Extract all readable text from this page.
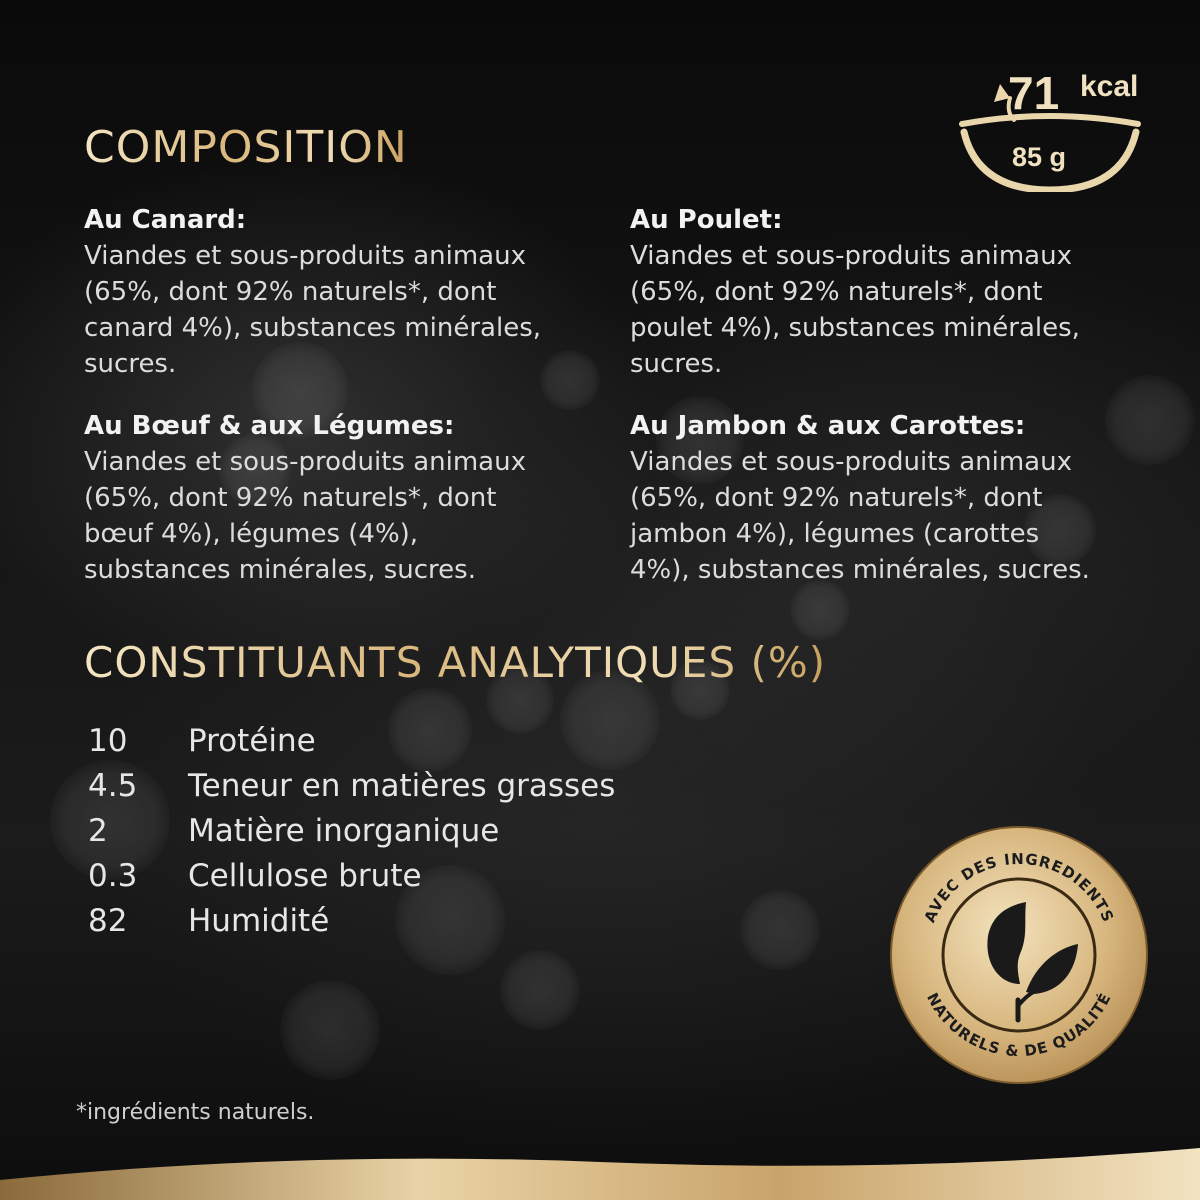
71 kcal
85 g
COMPOSITION
Au Canard:
Viandes et sous-produits animaux
(65%, dont 92% naturels*, dont
canard 4%), substances minérales,
sucres.
Au Poulet:
Viandes et sous-produits animaux
(65%, dont 92% naturels*, dont
poulet 4%), substances minérales,
sucres.
Au Bœuf & aux Légumes:
Viandes et sous-produits animaux
(65%, dont 92% naturels*, dont
bœuf 4%), légumes (4%),
substances minérales, sucres.
Au Jambon & aux Carottes:
Viandes et sous-produits animaux
(65%, dont 92% naturels*, dont
jambon 4%), légumes (carottes
4%), substances minérales, sucres.
CONSTITUANTS ANALYTIQUES (%)
10	Protéine
4.5	Teneur en matières grasses
2	Matière inorganique
0.3	Cellulose brute
82	Humidité	AVEC DES INGREDIENTS
NATURELS & DE QUALITÉ
*ingrédients naturels.
